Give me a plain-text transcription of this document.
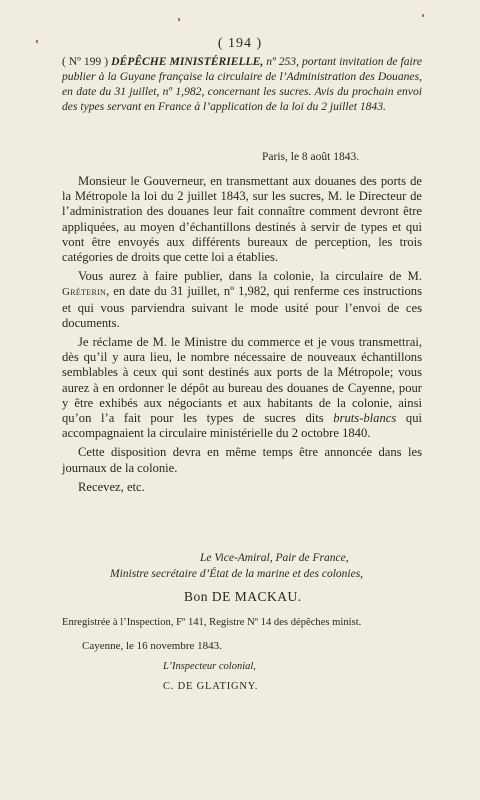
( 194 )
( Nº 199 ) DÉPÊCHE MINISTÉRIELLE, nº 253, portant invitation de faire publier à la Guyane française la circulaire de l’Administration des Douanes, en date du 31 juillet, nº 1,982, concernant les sucres. Avis du prochain envoi des types servant en France à l’application de la loi du 2 juillet 1843.
Paris, le 8 août 1843.

Monsieur le Gouverneur, en transmettant aux douanes des ports de la Métropole la loi du 2 juillet 1843, sur les sucres, M. le Directeur de l’administration des douanes leur fait connaître comment devront être appliquées, au moyen d’échantillons destinés à servir de types et qui vont être envoyés aux différents bureaux de perception, les trois catégories de droits que cette loi a établies.

Vous aurez à faire publier, dans la colonie, la circulaire de M. Gréterin, en date du 31 juillet, nº 1,982, qui renferme ces instructions et qui vous parviendra suivant le mode usité pour l’envoi de ces documents.

Je réclame de M. le Ministre du commerce et je vous transmettrai, dès qu’il y aura lieu, le nombre nécessaire de nouveaux échantillons semblables à ceux qui sont destinés aux ports de la Métropole; vous aurez à en ordonner le dépôt au bureau des douanes de Cayenne, pour y être exhibés aux négociants et aux habitants de la colonie, ainsi qu’on l’a fait pour les types de sucres dits bruts-blancs qui accompagnaient la circulaire ministérielle du 2 octobre 1840.

Cette disposition devra en même temps être annoncée dans les journaux de la colonie.

Recevez, etc.

Le Vice-Amiral, Pair de France,
Ministre secrétaire d’État de la marine et des colonies,
Bon DE MACKAU.
Enregistrée à l’Inspection, Fº 141, Registre Nº 14 des dépêches minist.
Cayenne, le 16 novembre 1843.
L’Inspecteur colonial,
C. DE GLATIGNY.
